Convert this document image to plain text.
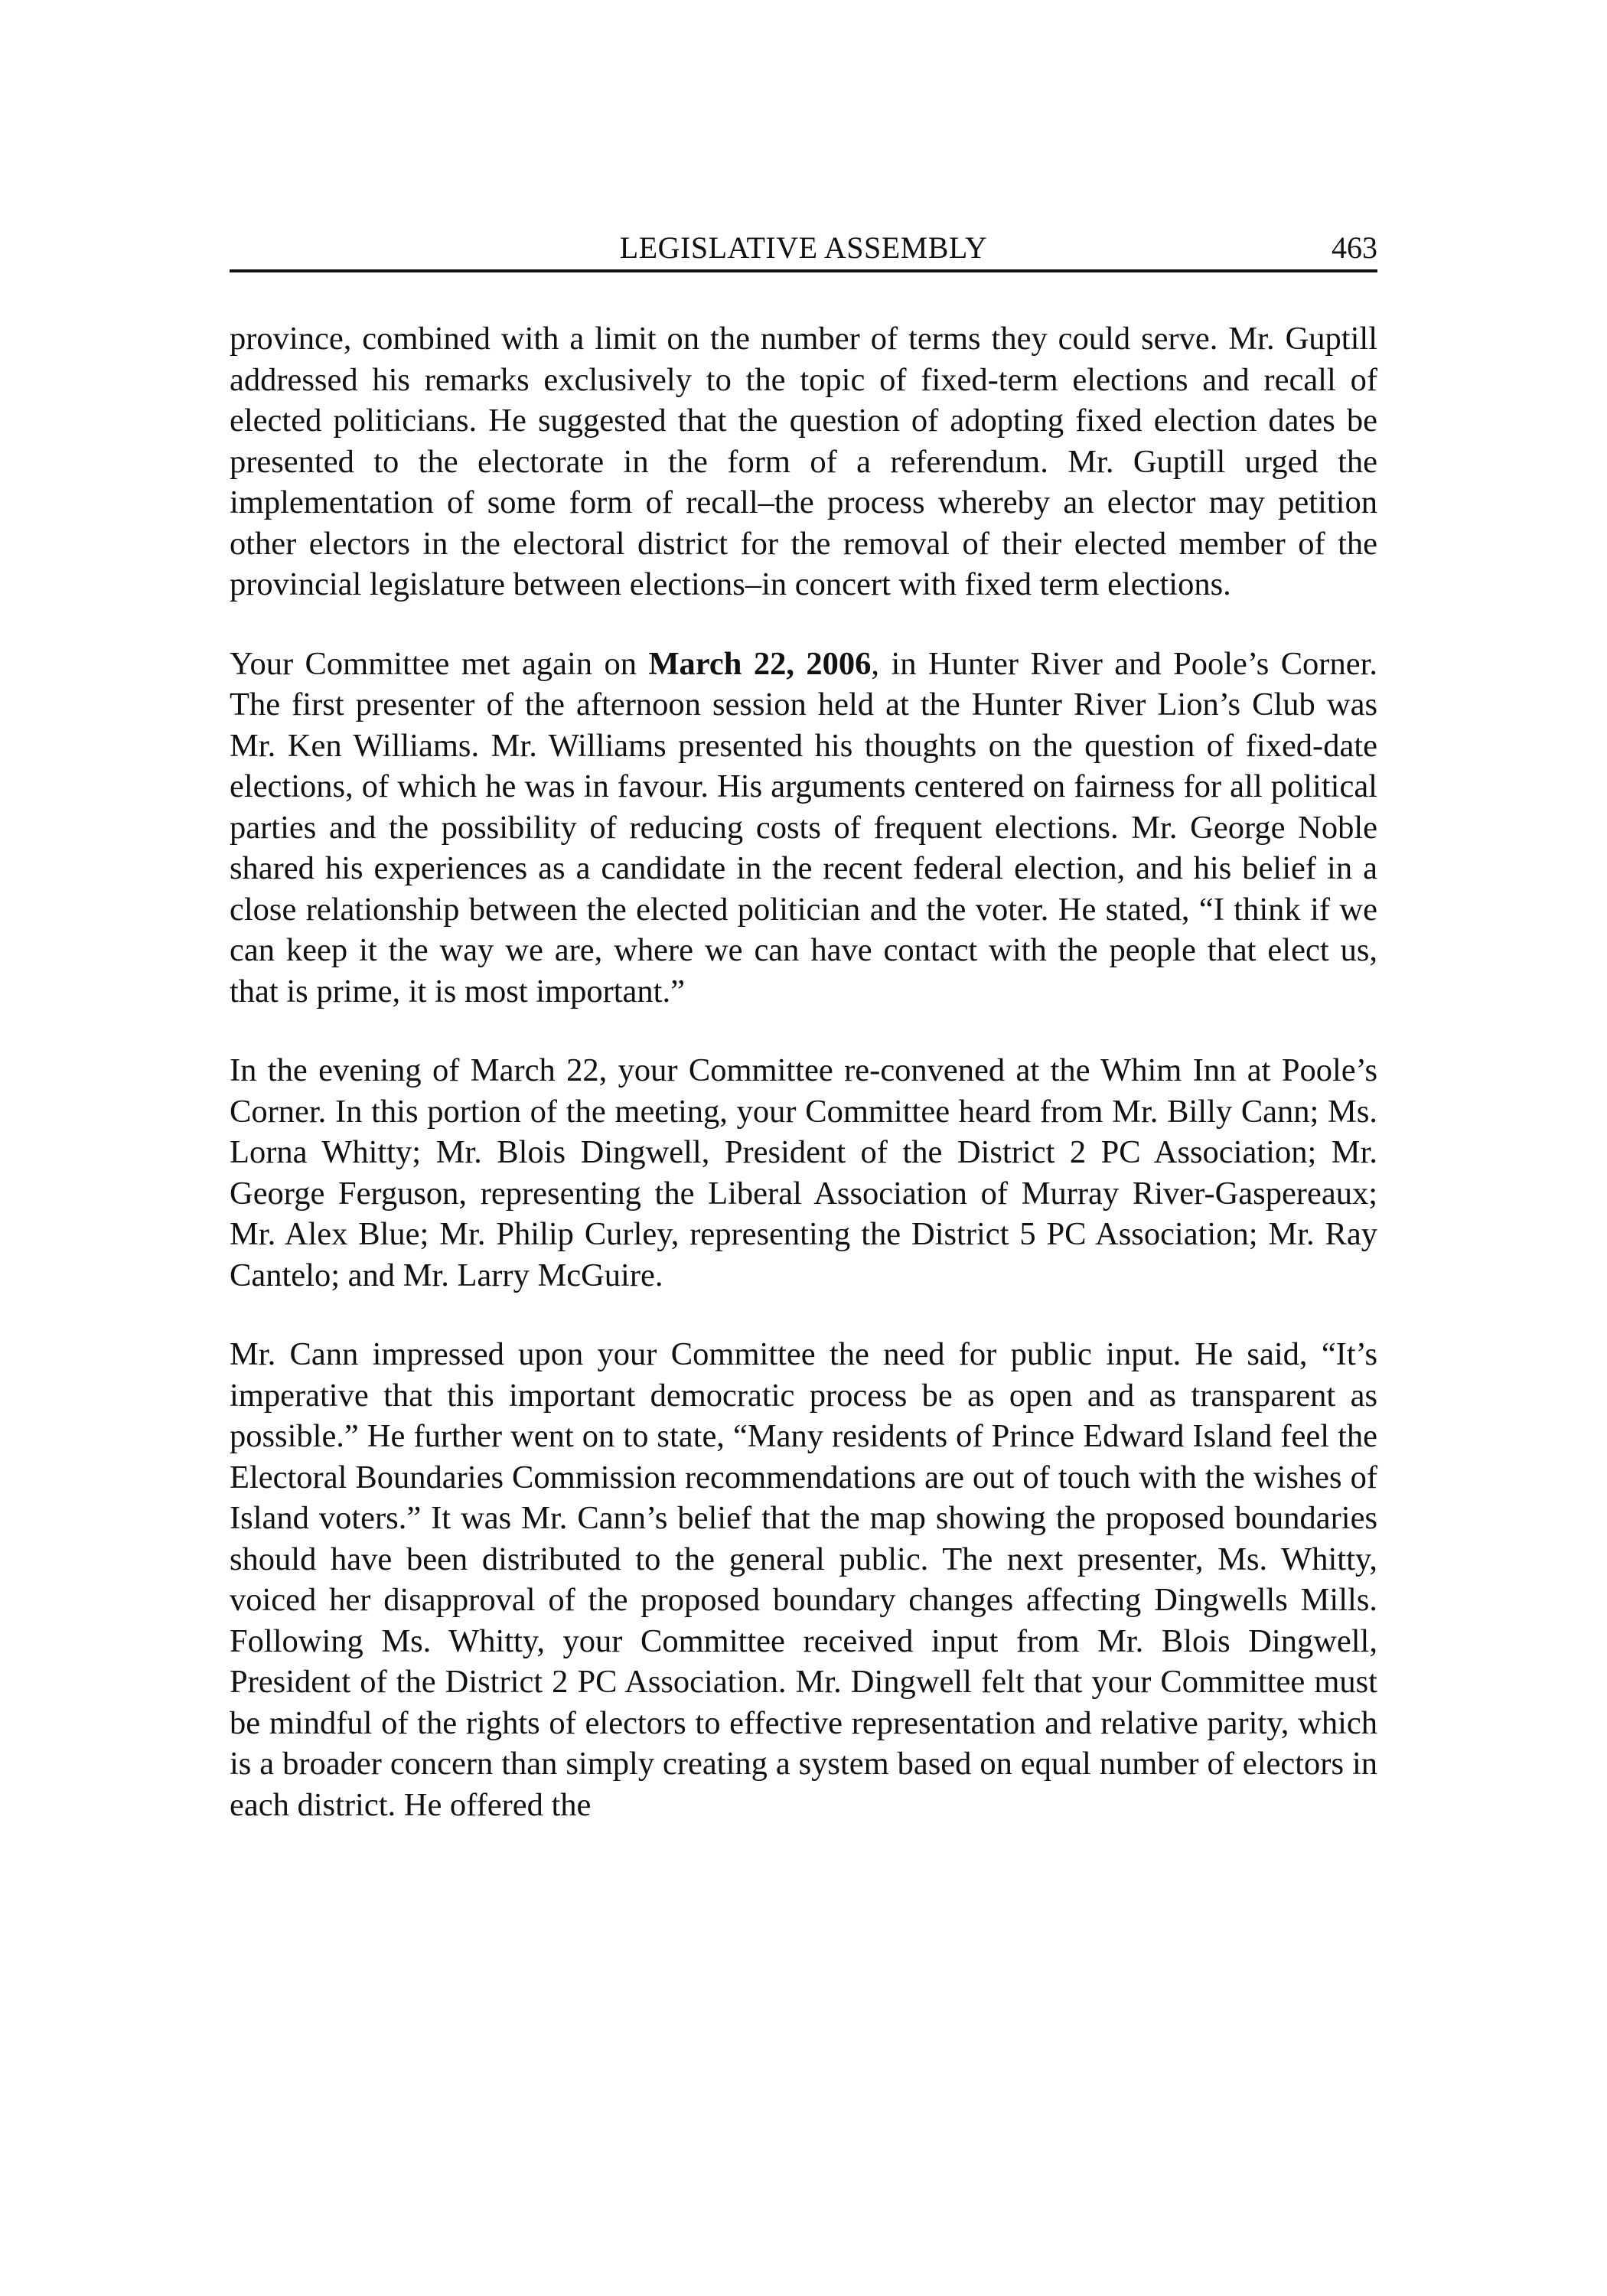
LEGISLATIVE ASSEMBLY	463

province, combined with a limit on the number of terms they could serve. Mr. Guptill addressed his remarks exclusively to the topic of fixed-term elections and recall of elected politicians. He suggested that the question of adopting fixed election dates be presented to the electorate in the form of a referendum. Mr. Guptill urged the implementation of some form of recall–the process whereby an elector may petition other electors in the electoral district for the removal of their elected member of the provincial legislature between elections–in concert with fixed term elections.

Your Committee met again on March 22, 2006, in Hunter River and Poole’s Corner. The first presenter of the afternoon session held at the Hunter River Lion’s Club was Mr. Ken Williams. Mr. Williams presented his thoughts on the question of fixed-date elections, of which he was in favour. His arguments centered on fairness for all political parties and the possibility of reducing costs of frequent elections. Mr. George Noble shared his experiences as a candidate in the recent federal election, and his belief in a close relationship between the elected politician and the voter. He stated, “I think if we can keep it the way we are, where we can have contact with the people that elect us, that is prime, it is most important.”

In the evening of March 22, your Committee re-convened at the Whim Inn at Poole’s Corner. In this portion of the meeting, your Committee heard from Mr. Billy Cann; Ms. Lorna Whitty; Mr. Blois Dingwell, President of the District 2 PC Association; Mr. George Ferguson, representing the Liberal Association of Murray River-Gaspereaux; Mr. Alex Blue; Mr. Philip Curley, representing the District 5 PC Association; Mr. Ray Cantelo; and Mr. Larry McGuire.

Mr. Cann impressed upon your Committee the need for public input. He said, “It’s imperative that this important democratic process be as open and as transparent as possible.” He further went on to state, “Many residents of Prince Edward Island feel the Electoral Boundaries Commission recommendations are out of touch with the wishes of Island voters.” It was Mr. Cann’s belief that the map showing the proposed boundaries should have been distributed to the general public. The next presenter, Ms. Whitty, voiced her disapproval of the proposed boundary changes affecting Dingwells Mills. Following Ms. Whitty, your Committee received input from Mr. Blois Dingwell, President of the District 2 PC Association. Mr. Dingwell felt that your Committee must be mindful of the rights of electors to effective representation and relative parity, which is a broader concern than simply creating a system based on equal number of electors in each district. He offered the
